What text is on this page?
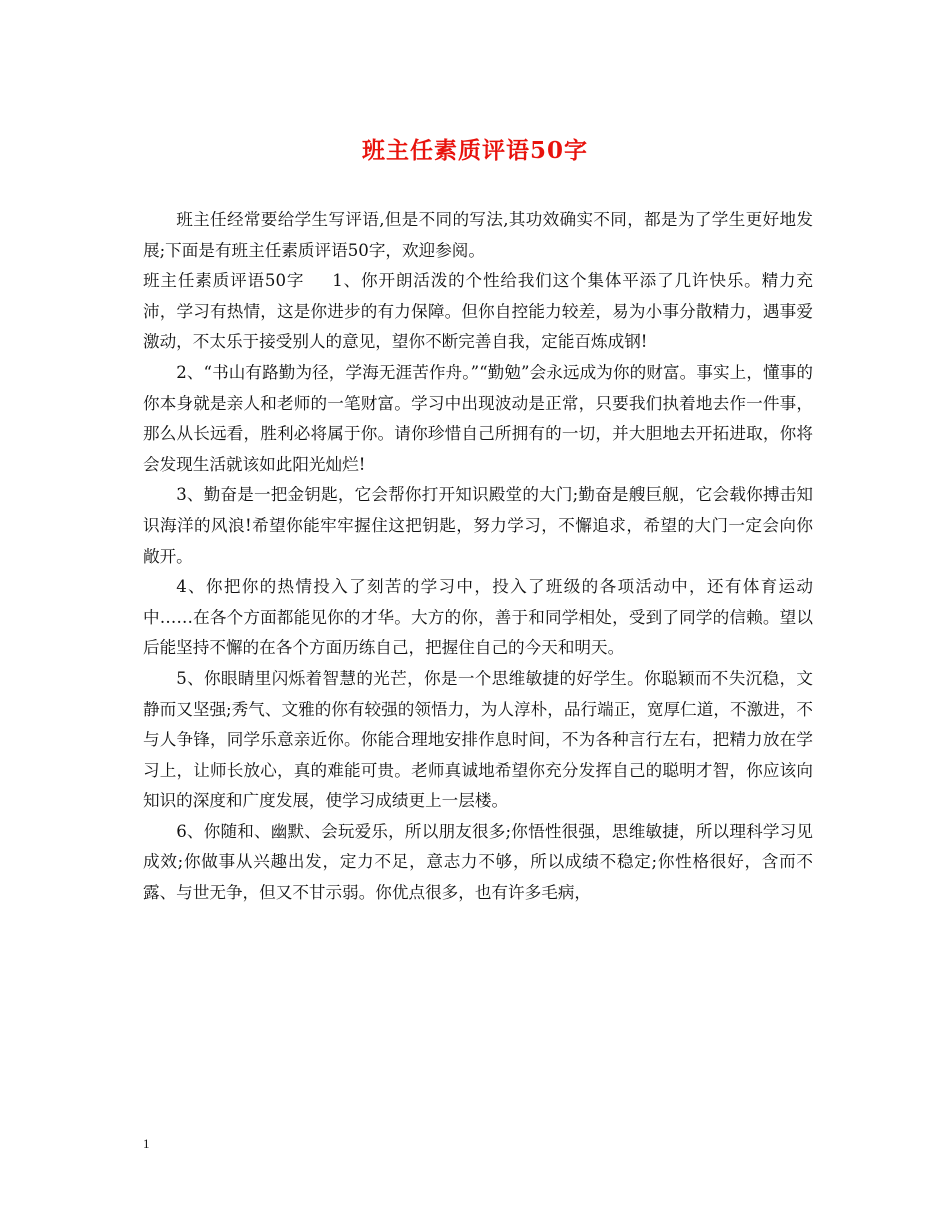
班主任素质评语50字

班主任经常要给学生写评语,但是不同的写法,其功效确实不同，都是为了学生更好地发展;下面是有班主任素质评语50字，欢迎参阅。

班主任素质评语50字 1、你开朗活泼的个性给我们这个集体平添了几许快乐。精力充沛，学习有热情，这是你进步的有力保障。但你自控能力较差，易为小事分散精力，遇事爱激动，不太乐于接受别人的意见，望你不断完善自我，定能百炼成钢!

2、“书山有路勤为径，学海无涯苦作舟。”“勤勉”会永远成为你的财富。事实上，懂事的你本身就是亲人和老师的一笔财富。学习中出现波动是正常，只要我们执着地去作一件事，那么从长远看，胜利必将属于你。请你珍惜自己所拥有的一切，并大胆地去开拓进取，你将会发现生活就该如此阳光灿烂!

3、勤奋是一把金钥匙，它会帮你打开知识殿堂的大门;勤奋是艘巨舰，它会载你搏击知识海洋的风浪!希望你能牢牢握住这把钥匙，努力学习，不懈追求，希望的大门一定会向你敞开。

4、你把你的热情投入了刻苦的学习中，投入了班级的各项活动中，还有体育运动中……在各个方面都能见你的才华。大方的你，善于和同学相处，受到了同学的信赖。望以后能坚持不懈的在各个方面历练自己，把握住自己的今天和明天。

5、你眼睛里闪烁着智慧的光芒，你是一个思维敏捷的好学生。你聪颖而不失沉稳，文静而又坚强;秀气、文雅的你有较强的领悟力，为人淳朴，品行端正，宽厚仁道，不激进，不与人争锋，同学乐意亲近你。你能合理地安排作息时间，不为各种言行左右，把精力放在学习上，让师长放心，真的难能可贵。老师真诚地希望你充分发挥自己的聪明才智，你应该向知识的深度和广度发展，使学习成绩更上一层楼。

6、你随和、幽默、会玩爱乐，所以朋友很多;你悟性很强，思维敏捷，所以理科学习见成效;你做事从兴趣出发，定力不足，意志力不够，所以成绩不稳定;你性格很好，含而不露、与世无争，但又不甘示弱。你优点很多，也有许多毛病，

1
